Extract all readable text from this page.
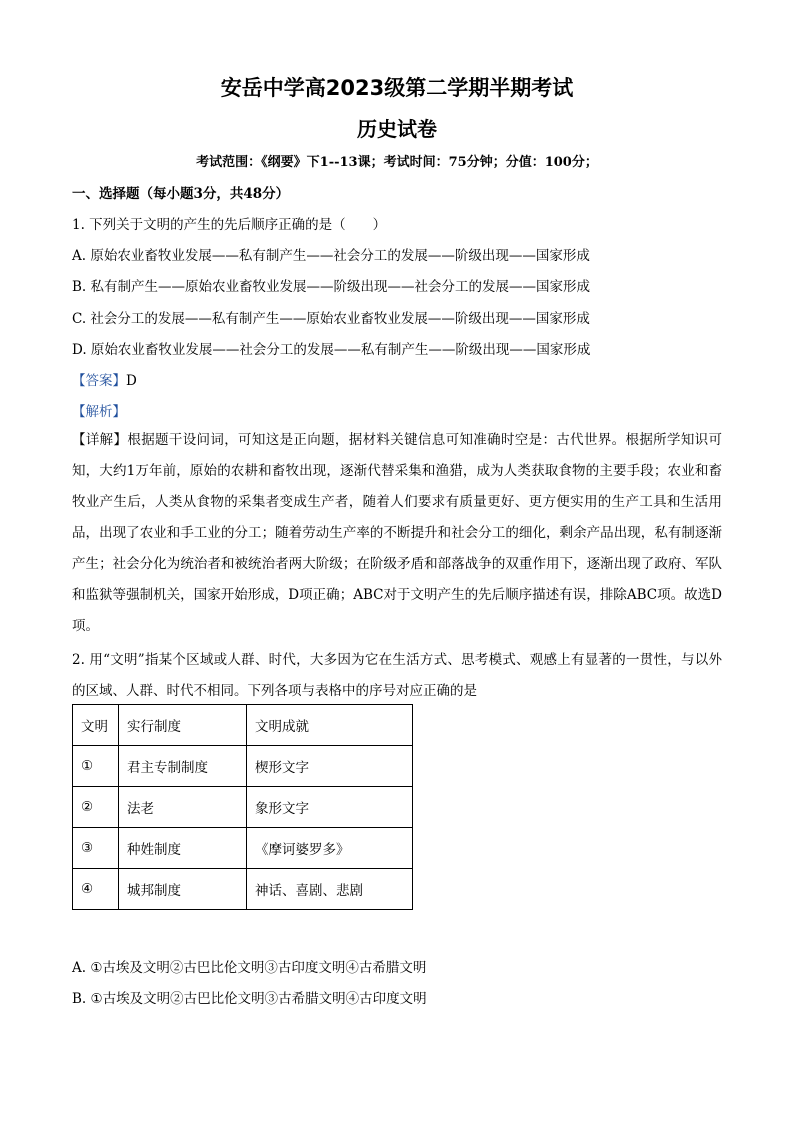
安岳中学高2023级第二学期半期考试
历史试卷
考试范围：《纲要》下1--13课；考试时间：75分钟；分值：100分；
一、选择题（每小题3分，共48分）
1. 下列关于文明的产生的先后顺序正确的是（　　）
A. 原始农业畜牧业发展——私有制产生——社会分工的发展——阶级出现——国家形成
B. 私有制产生——原始农业畜牧业发展——阶级出现——社会分工的发展——国家形成
C. 社会分工的发展——私有制产生——原始农业畜牧业发展——阶级出现——国家形成
D. 原始农业畜牧业发展——社会分工的发展——私有制产生——阶级出现——国家形成
【答案】D
【解析】
【详解】根据题干设问词，可知这是正向题，据材料关键信息可知准确时空是：古代世界。根据所学知识可知，大约1万年前，原始的农耕和畜牧出现，逐渐代替采集和渔猎，成为人类获取食物的主要手段；农业和畜牧业产生后，人类从食物的采集者变成生产者，随着人们要求有质量更好、更方便实用的生产工具和生活用品，出现了农业和手工业的分工；随着劳动生产率的不断提升和社会分工的细化，剩余产品出现，私有制逐渐产生；社会分化为统治者和被统治者两大阶级；在阶级矛盾和部落战争的双重作用下，逐渐出现了政府、军队和监狱等强制机关，国家开始形成，D项正确；ABC对于文明产生的先后顺序描述有误，排除ABC项。故选D项。
2. 用“文明”指某个区域或人群、时代，大多因为它在生活方式、思考模式、观感上有显著的一贯性，与以外的区域、人群、时代不相同。下列各项与表格中的序号对应正确的是
文明	实行制度	文明成就
①	君主专制制度	楔形文字
②	法老	象形文字
③	种姓制度	《摩诃婆罗多》
④	城邦制度	神话、喜剧、悲剧
A. ①古埃及文明②古巴比伦文明③古印度文明④古希腊文明
B. ①古埃及文明②古巴比伦文明③古希腊文明④古印度文明
